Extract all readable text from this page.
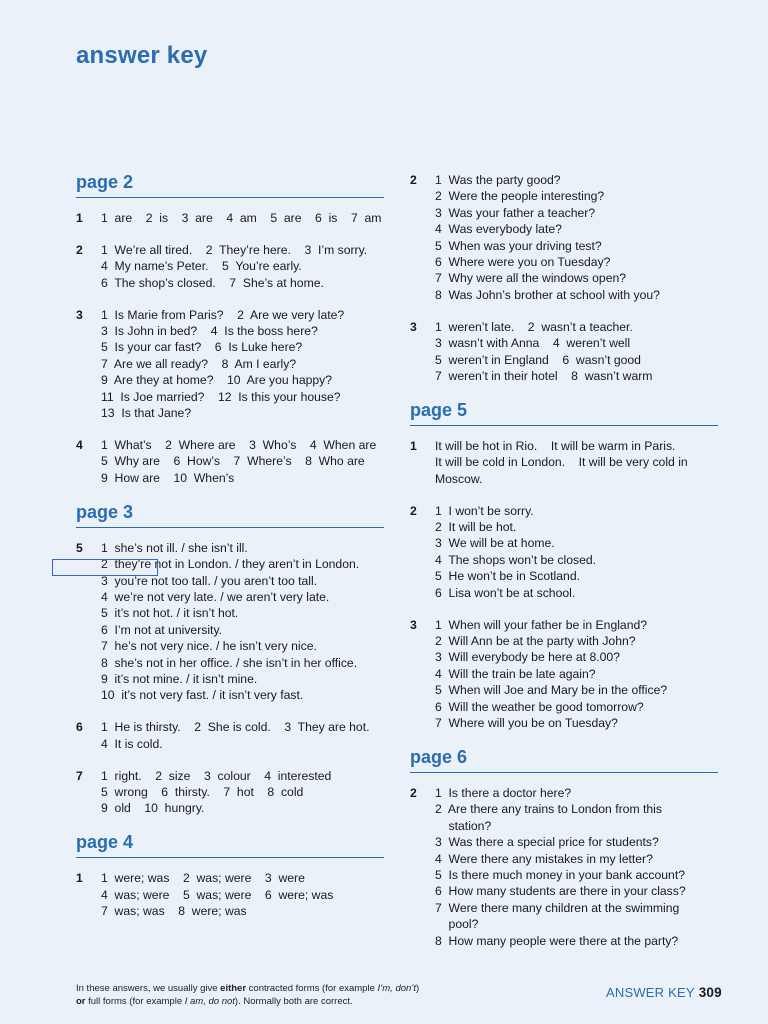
answer key
page 2
1	1  are    2  is    3  are    4  am    5  are    6  is    7  am
2	1  We’re all tired.    2  They’re here.    3  I’m sorry.
4  My name’s Peter.    5  You’re early.
6  The shop’s closed.    7  She’s at home.
3	1  Is Marie from Paris?    2  Are we very late?
3  Is John in bed?    4  Is the boss here?
5  Is your car fast?    6  Is Luke here?
7  Are we all ready?    8  Am I early?
9  Are they at home?    10  Are you happy?
11  Is Joe married?    12  Is this your house?
13  Is that Jane?
4	1  What’s    2  Where are    3  Who’s    4  When are
5  Why are    6  How’s    7  Where’s    8  Who are
9  How are    10  When’s
page 3
5	1  she’s not ill. / she isn’t ill.
2  they’re not in London. / they aren’t in London.
3  you’re not too tall. / you aren’t too tall.
4  we’re not very late. / we aren’t very late.
5  it’s not hot. / it isn’t hot.
6  I’m not at university.
7  he’s not very nice. / he isn’t very nice.
8  she’s not in her office. / she isn’t in her office.
9  it’s not mine. / it isn’t mine.
10  it’s not very fast. / it isn’t very fast.
6	1  He is thirsty.    2  She is cold.    3  They are hot.
4  It is cold.
7	1  right.    2  size    3  colour    4  interested
5  wrong    6  thirsty.    7  hot    8  cold
9  old    10  hungry.
page 4
1	1  were; was    2  was; were    3  were
4  was; were    5  was; were    6  were; was
7  was; was    8  were; was
2	1  Was the party good?
2  Were the people interesting?
3  Was your father a teacher?
4  Was everybody late?
5  When was your driving test?
6  Where were you on Tuesday?
7  Why were all the windows open?
8  Was John’s brother at school with you?
3	1  weren’t late.    2  wasn’t a teacher.
3  wasn’t with Anna    4  weren’t well
5  weren’t in England    6  wasn’t good
7  weren’t in their hotel    8  wasn’t warm
page 5
1	It will be hot in Rio.    It will be warm in Paris.
It will be cold in London.    It will be very cold in
Moscow.
2	1  I won’t be sorry.
2  It will be hot.
3  We will be at home.
4  The shops won’t be closed.
5  He won’t be in Scotland.
6  Lisa won’t be at school.
3	1  When will your father be in England?
2  Will Ann be at the party with John?
3  Will everybody be here at 8.00?
4  Will the train be late again?
5  When will Joe and Mary be in the office?
6  Will the weather be good tomorrow?
7  Where will you be on Tuesday?
page 6
2	1  Is there a doctor here?
2  Are there any trains to London from this
station?
3  Was there a special price for students?
4  Were there any mistakes in my letter?
5  Is there much money in your bank account?
6  How many students are there in your class?
7  Were there many children at the swimming
pool?
8  How many people were there at the party?
In these answers, we usually give either contracted forms (for example I’m, don’t)
or full forms (for example I am, do not). Normally both are correct.
ANSWER KEY 309
